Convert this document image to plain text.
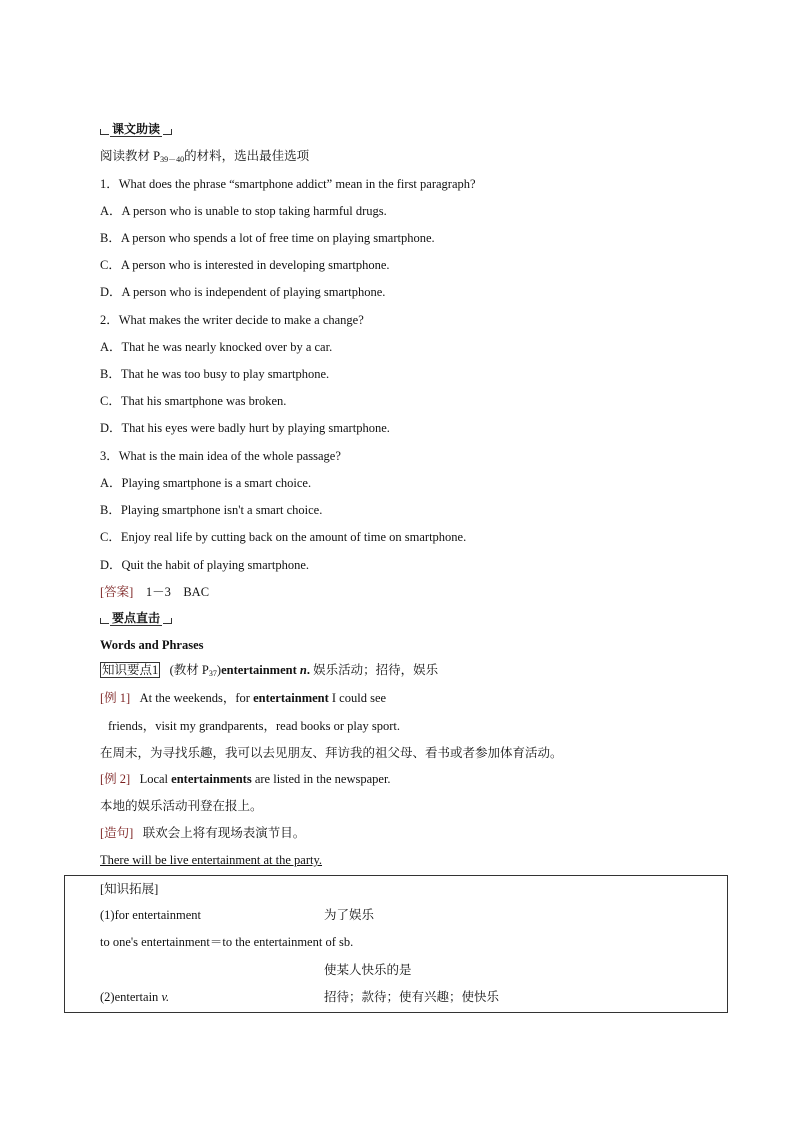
课文助读
阅读教材 $P_{39-40}$的材料，选出最佳选项
1．What does the phrase “smartphone addict” mean in the first paragraph?
A．A person who is unable to stop taking harmful drugs.
B．A person who spends a lot of free time on playing smartphone.
C．A person who is interested in developing smartphone.
D．A person who is independent of playing smartphone.
2．What makes the writer decide to make a change?
A．That he was nearly knocked over by a car.
B．That he was too busy to play smartphone.
C．That his smartphone was broken.
D．That his eyes were badly hurt by playing smartphone.
3．What is the main idea of the whole passage?
A．Playing smartphone is a smart choice.
B．Playing smartphone isn't a smart choice.
C．Enjoy real life by cutting back on the amount of time on smartphone.
D．Quit the habit of playing smartphone.
[答案] 1－3　BAC
要点直击
Words and Phrases
知识要点1 (教材 $P_{37})entertainment$ n. 娱乐活动；招待，娱乐
[例 1] At the weekends，for entertainment I could see
friends，visit my grandparents，read books or play sport.
在周末，为寻找乐趣，我可以去见朋友、拜访我的祖父母、看书或者参加体育活动。
[例 2] Local entertainments are listed in the newspaper.
本地的娱乐活动刊登在报上。
[造句] 联欢会上将有现场表演节目。
There will be live entertainment at the party.
[知识拓展]
(1)for entertainment	为了娱乐
to one's entertainment＝to the entertainment of sb.
使某人快乐的是
(2)entertain v.	招待；款待；使有兴趣；使快乐
